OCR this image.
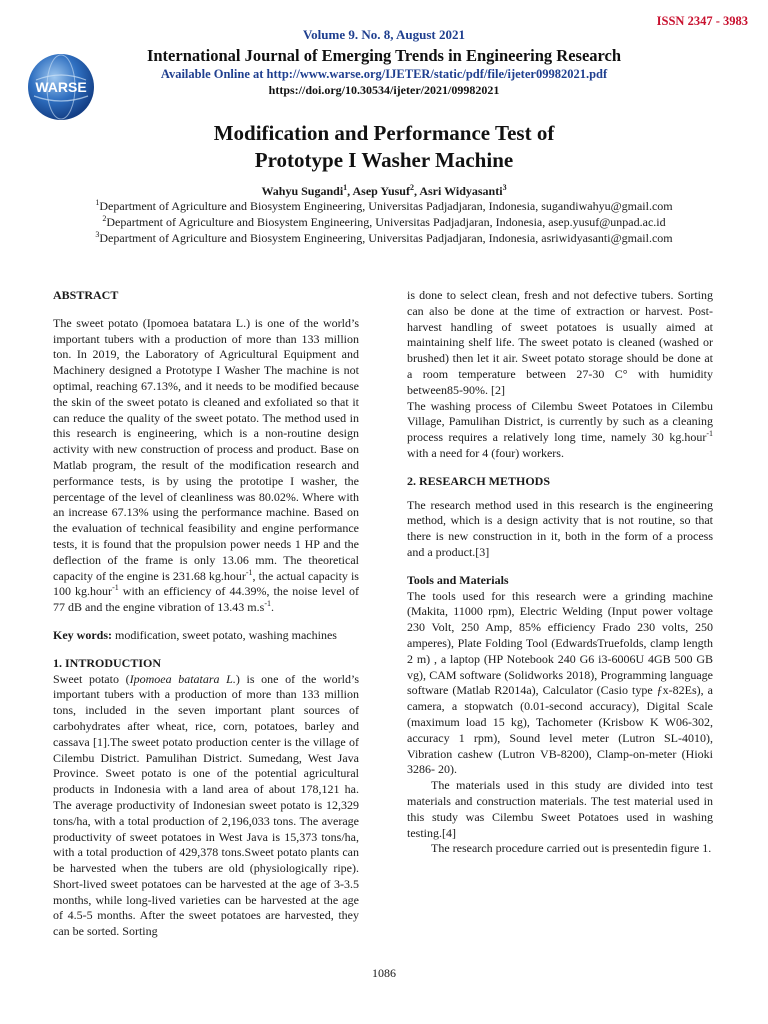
ISSN 2347 - 3983
Volume 9. No. 8, August 2021
International Journal of Emerging Trends in Engineering Research
Available Online at http://www.warse.org/IJETER/static/pdf/file/ijeter09982021.pdf
https://doi.org/10.30534/ijeter/2021/09982021
WARSE
Modification and Performance Test of
Prototype I Washer Machine
Wahyu Sugandi$^1$, Asep Yusuf$^2$, Asri Widyasanti$^3$
$^1$Department of Agriculture and Biosystem Engineering, Universitas Padjadjaran, Indonesia, sugandiwahyu@gmail.com
$^2$Department of Agriculture and Biosystem Engineering, Universitas Padjadjaran, Indonesia, asep.yusuf@unpad.ac.id
$^3$Department of Agriculture and Biosystem Engineering, Universitas Padjadjaran, Indonesia, asriwidyasanti@gmail.com

ABSTRACT

The sweet potato (Ipomoea batatara L.) is one of the world’s important tubers with a production of more than 133 million ton. In 2019, the Laboratory of Agricultural Equipment and Machinery designed a Prototype I Washer The machine is not optimal, reaching 67.13%, and it needs to be modified because the skin of the sweet potato is cleaned and exfoliated so that it can reduce the quality of the sweet potato. The method used in this research is engineering, which is a non-routine design activity with new construction of process and product. Base on Matlab program, the result of the modification research and performance tests, is by using the prototipe I washer, the percentage of the level of cleanliness was 80.02%. Where with an increase 67.13% using the performance machine. Based on the evaluation of technical feasibility and engine performance tests, it is found that the propulsion power needs 1 HP and the deflection of the frame is only 13.06 mm. The theoretical capacity of the engine is 231.68 kg.hour$^{-1}$, the actual capacity is 100 kg.hour$^{-1}$ with an efficiency of 44.39%, the noise level of 77 dB and the engine vibration of 13.43 $m.s^{-1}$.

Key words: modification, sweet potato, washing machines

1. INTRODUCTION

Sweet potato (Ipomoea batatara L.) is one of the world’s important tubers with a production of more than 133 million tons, included in the seven important plant sources of carbohydrates after wheat, rice, corn, potatoes, barley and cassava [1].The sweet potato production center is the village of Cilembu District. Pamulihan District. Sumedang, West Java Province. Sweet potato is one of the potential agricultural products in Indonesia with a land area of about 178,121 ha. The average productivity of Indonesian sweet potato is 12,329 tons/ha, with a total production of 2,196,033 tons. The average productivity of sweet potatoes in West Java is 15,373 tons/ha, with a total production of 429,378 tons.Sweet potato plants can be harvested when the tubers are old (physiologically ripe). Short-lived sweet potatoes can be harvested at the age of 3-3.5 months, while long-lived varieties can be harvested at the age of 4.5-5 months. After the sweet potatoes are harvested, they can be sorted. Sorting

is done to select clean, fresh and not defective tubers. Sorting can also be done at the time of extraction or harvest. Post-harvest handling of sweet potatoes is usually aimed at maintaining shelf life. The sweet potato is cleaned (washed or brushed) then let it air. Sweet potato storage should be done at a room temperature between 27-30 C° with humidity between85-90%. [2]

The washing process of Cilembu Sweet Potatoes in Cilembu Village, Pamulihan District, is currently by such as a cleaning process requires a relatively long time, namely 30 kg.hour$^{-1}$ with a need for 4 (four) workers.

2. RESEARCH METHODS

The research method used in this research is the engineering method, which is a design activity that is not routine, so that there is new construction in it, both in the form of a process and a product.[3]

Tools and Materials

The tools used for this research were a grinding machine (Makita, 11000 rpm), Electric Welding (Input power voltage 230 Volt, 250 Amp, 85% efficiency Frado 230 volts, 250 amperes), Plate Folding Tool (EdwardsTruefolds, clamp length 2 m) , a laptop (HP Notebook 240 G6 i3-6006U 4GB 500 GB vg), CAM software (Solidworks 2018), Programming language software (Matlab R2014a), Calculator (Casio type ƒx-82Es), a camera, a stopwatch (0.01-second accuracy), Digital Scale (maximum load 15 kg), Tachometer (Krisbow K W06-302, accuracy 1 rpm), Sound level meter (Lutron SL-4010), Vibration cashew (Lutron VB-8200), Clamp-on-meter (Hioki 3286- 20).

The materials used in this study are divided into test materials and construction materials. The test material used in this study was Cilembu Sweet Potatoes used in washing testing.[4]

The research procedure carried out is presentedin figure 1.

1086
